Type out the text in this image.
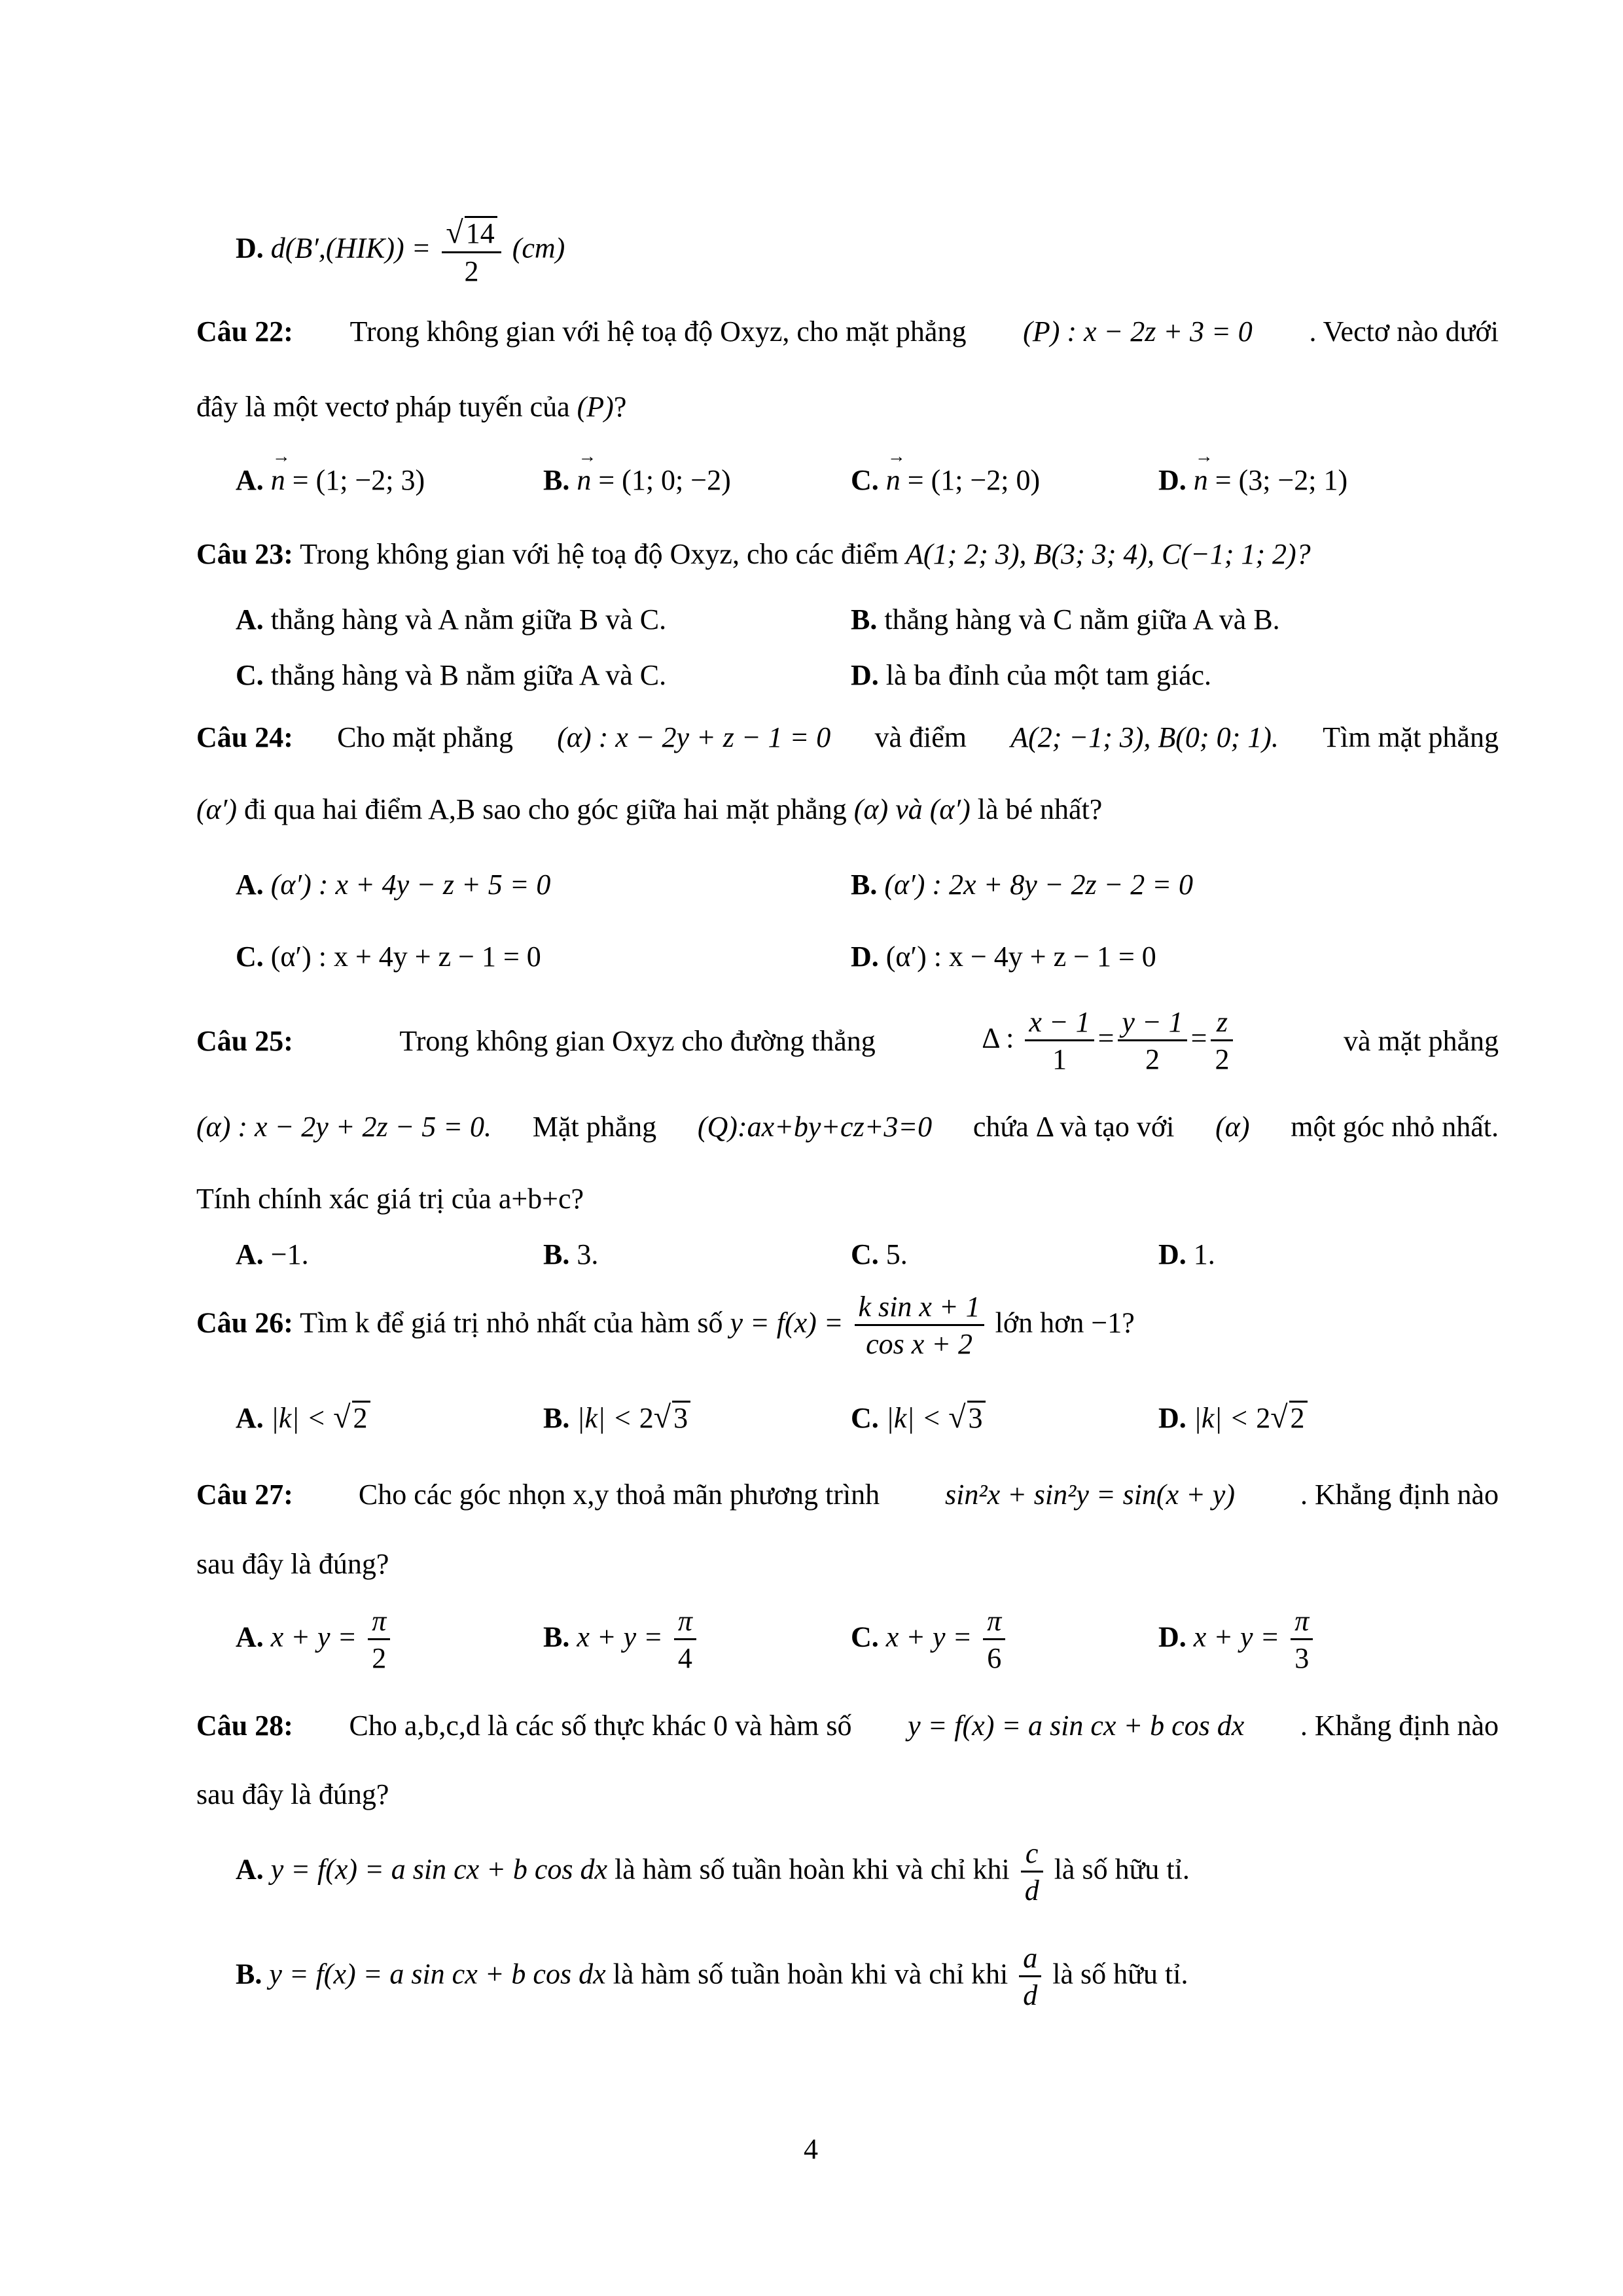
D. $d(B',(HIK)) = \frac{√14}{2} (cm)$
Câu 22: Trong không gian với hệ toạ độ Oxyz, cho mặt phẳng (P) : x − 2z + 3 = 0 . Vectơ nào dưới
đây là một vectơ pháp tuyến của (P)?
A. → n = (1; −2; 3)	B. → n = (1; 0; −2)	C. → n = (1; −2; 0)	D. → n = (3; −2; 1)
Câu 23: Trong không gian với hệ toạ độ Oxyz, cho các điểm A(1; 2; 3), B(3; 3; 4), C(−1; 1; 2)?
A. thẳng hàng và A nằm giữa B và C.	B. thẳng hàng và C nằm giữa A và B.
C. thẳng hàng và B nằm giữa A và C.	D. là ba đỉnh của một tam giác.
Câu 24: Cho mặt phẳng (α) : x − 2y + z − 1 = 0 và điểm A(2; −1; 3), B(0; 0; 1). Tìm mặt phẳng
(α′) đi qua hai điểm A,B sao cho góc giữa hai mặt phẳng (α) và (α′) là bé nhất?
A. (α′) : x + 4y − z + 5 = 0	B. (α′) : 2x + 8y − 2z − 2 = 0
C. (α′) : x + 4y + z − 1 = 0	D. (α′) : x − 4y + z − 1 = 0
Câu 25:	Trong không gian Oxyz cho đường thẳng	Δ : $\frac{x - 1}{1} = \frac{y - 1}{2} = \frac{z}{2}$	và mặt phẳng
(α) : x − 2y + 2z − 5 = 0. Mặt phẳng (Q):ax+by+cz+3=0 chứa Δ và tạo với (α) một góc nhỏ nhất.
Tính chính xác giá trị của a+b+c?
A. −1.	B. 3.	C. 5.	D. 1.
Câu 26: Tìm k để giá trị nhỏ nhất của hàm số $y = f(x) = \frac{\text{k sin x + 1}}{\text{cos x + 2}}$ lớn hơn −1?
A. |k| < √2	B. |k| < 2√3	C. |k| < √3	D. |k| < 2√2
Câu 27: Cho các góc nhọn x,y thoả mãn phương trình sin²x + sin²y = sin(x + y) . Khẳng định nào
sau đây là đúng?
A. $x + y = \frac{\pi}{2}$	B. $x + y = \frac{\pi}{4}$	C. $x + y = \frac{\pi}{6}$	D. $x + y = \frac{\pi}{3}$
Câu 28: Cho a,b,c,d là các số thực khác 0 và hàm số y = f(x) = a sin cx + b cos dx . Khẳng định nào
sau đây là đúng?
A. y = f(x) = a sin cx + b cos dx là hàm số tuần hoàn khi và chỉ khi $\frac{c}{d}$ là số hữu tỉ.
B. y = f(x) = a sin cx + b cos dx là hàm số tuần hoàn khi và chỉ khi $\frac{a}{d}$ là số hữu tỉ.
4
